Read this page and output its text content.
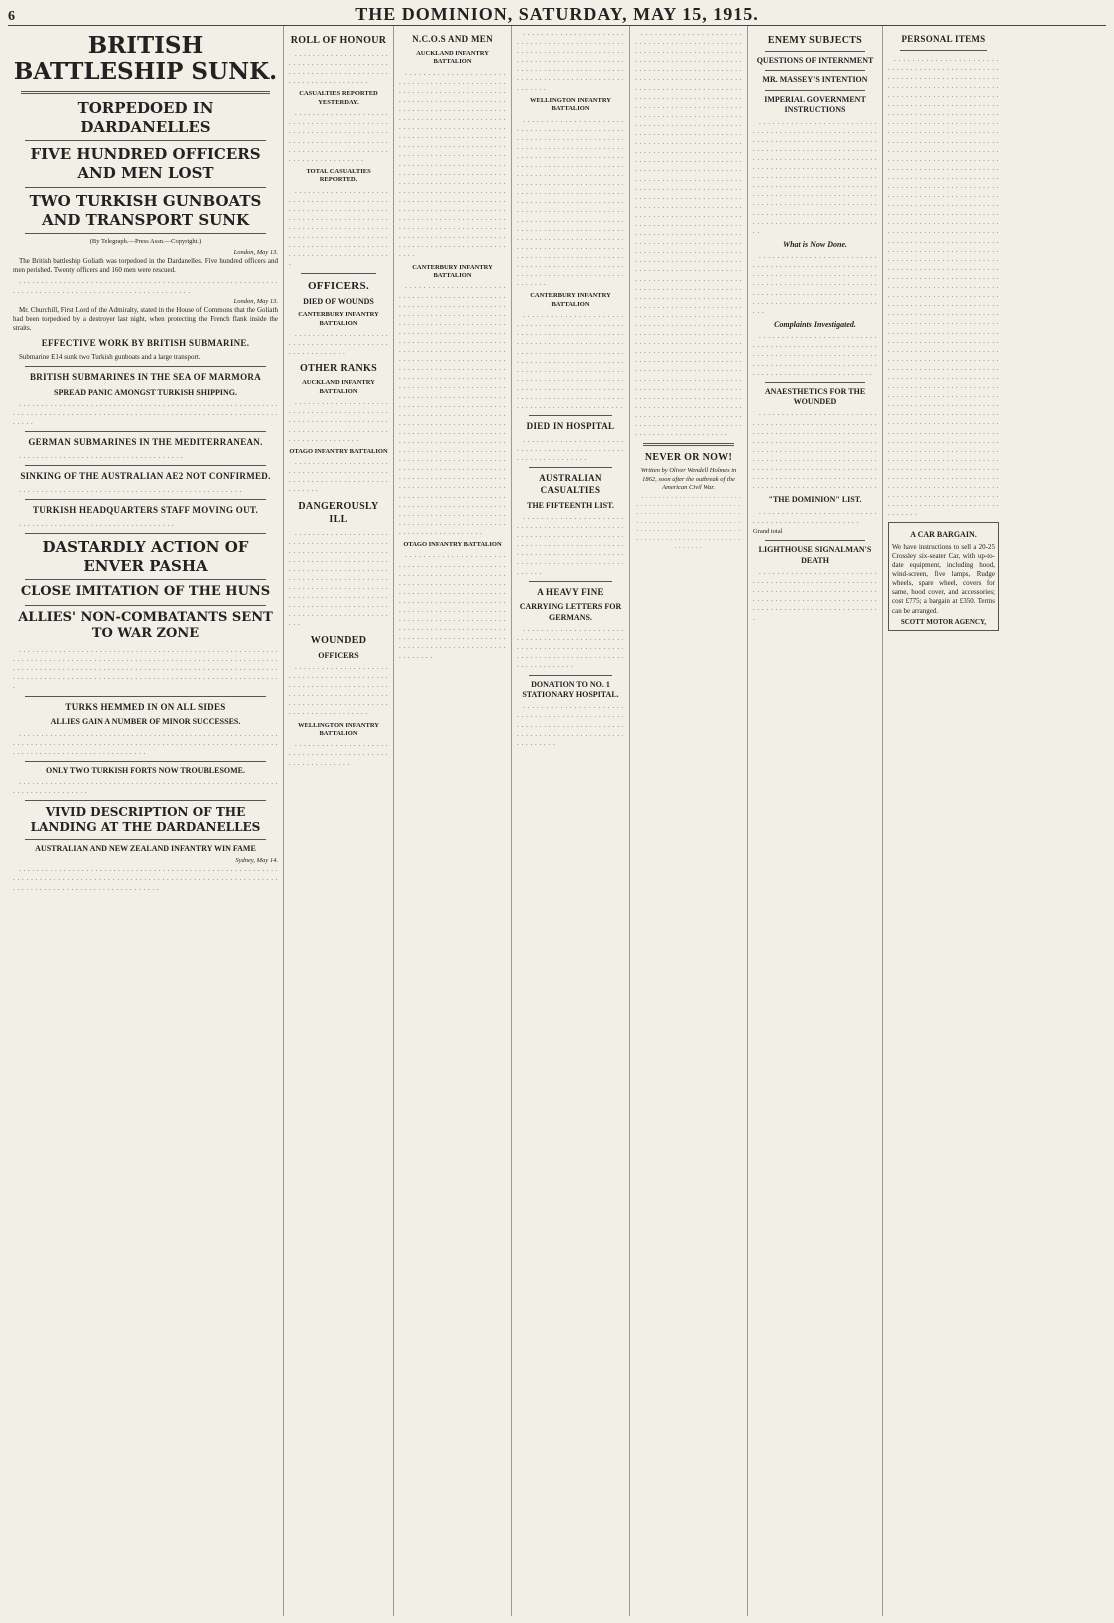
6	THE DOMINION, SATURDAY, MAY 15, 1915.
BRITISH BATTLESHIP SUNK.
TORPEDOED IN DARDANELLES
FIVE HUNDRED OFFICERS AND MEN LOST
TWO TURKISH GUNBOATS AND TRANSPORT SUNK
(By Telegraph.—Press Assn.—Copyright.)
London, May 13.

The British battleship Goliath was torpedoed in the Dardanelles. Five hundred officers and men perished. Twenty officers and 160 men were rescued.

. . . . . . . . . . . . . . . . . . . . . . . . . . . . . . . . . . . . . . . . . . . . . . . . . . . . . . . . . . . . . . . . . . . . . . . . . . . . . . . . . . . . . . . . . . . . . . . . . .

London, May 13.

Mr. Churchill, First Lord of the Admiralty, stated in the House of Commons that the Goliath had been torpedoed by a destroyer last night, when protecting the French flank inside the straits.

EFFECTIVE WORK BY BRITISH SUBMARINE.

Submarine E14 sunk two Turkish gunboats and a large transport.

BRITISH SUBMARINES IN THE SEA OF MARMORA
SPREAD PANIC AMONGST TURKISH SHIPPING.

. . . . . . . . . . . . . . . . . . . . . . . . . . . . . . . . . . . . . . . . . . . . . . . . . . . . . . . . . . . . . . . . . . . . . . . . . . . . . . . . . . . . . . . . . . . . . . . . . . . . . . . . . . . . . . . . . . . . . . . . . .

GERMAN SUBMARINES IN THE MEDITERRANEAN.

. . . . . . . . . . . . . . . . . . . . . . . . . . . . . . . . . . . . .

SINKING OF THE AUSTRALIAN AE2 NOT CONFIRMED.

. . . . . . . . . . . . . . . . . . . . . . . . . . . . . . . . . . . . . . . . . . . . . . . . . .

TURKISH HEADQUARTERS STAFF MOVING OUT.

. . . . . . . . . . . . . . . . . . . . . . . . . . . . . . . . . . .

DASTARDLY ACTION OF ENVER PASHA
CLOSE IMITATION OF THE HUNS
ALLIES' NON-COMBATANTS SENT TO WAR ZONE

. . . . . . . . . . . . . . . . . . . . . . . . . . . . . . . . . . . . . . . . . . . . . . . . . . . . . . . . . . . . . . . . . . . . . . . . . . . . . . . . . . . . . . . . . . . . . . . . . . . . . . . . . . . . . . . . . . . . . . . . . . . . . . . . . . . . . . . . . . . . . . . . . . . . . . . . . . . . . . . . . . . . . . . . . . . . . . . . . . . . . . . . . . . . . . . . . . . . . . . . . . . . . . . . . . . . . . . . . . . . . . . . . . . . . . . . . . . .

TURKS HEMMED IN ON ALL SIDES
ALLIES GAIN A NUMBER OF MINOR SUCCESSES.

. . . . . . . . . . . . . . . . . . . . . . . . . . . . . . . . . . . . . . . . . . . . . . . . . . . . . . . . . . . . . . . . . . . . . . . . . . . . . . . . . . . . . . . . . . . . . . . . . . . . . . . . . . . . . . . . . . . . . . . . . . . . . . . . . . . . . . . . . . . . . . . . . . .

ONLY TWO TURKISH FORTS NOW TROUBLESOME.

. . . . . . . . . . . . . . . . . . . . . . . . . . . . . . . . . . . . . . . . . . . . . . . . . . . . . . . . . . . . . . . . . . . . . . . . . . .

VIVID DESCRIPTION OF THE LANDING AT THE DARDANELLES
AUSTRALIAN AND NEW ZEALAND INFANTRY WIN FAME
Sydney, May 14.

. . . . . . . . . . . . . . . . . . . . . . . . . . . . . . . . . . . . . . . . . . . . . . . . . . . . . . . . . . . . . . . . . . . . . . . . . . . . . . . . . . . . . . . . . . . . . . . . . . . . . . . . . . . . . . . . . . . . . . . . . . . . . . . . . . . . . . . . . . . . . . . . . . . . . .

ROLL OF HONOUR

. . . . . . . . . . . . . . . . . . . . . . . . . . . . . . . . . . . . . . . . . . . . . . . . . . . . . . . . . . . . . . . . . . . . . . . . . . . . . . . . . . .

CASUALTIES REPORTED YESTERDAY.

. . . . . . . . . . . . . . . . . . . . . . . . . . . . . . . . . . . . . . . . . . . . . . . . . . . . . . . . . . . . . . . . . . . . . . . . . . . . . . . . . . . . . . . . . . . . . . . . . . . . . . . . . . . . . . . . . . . . . . . . . . . . . .

TOTAL CASUALTIES REPORTED.

. . . . . . . . . . . . . . . . . . . . . . . . . . . . . . . . . . . . . . . . . . . . . . . . . . . . . . . . . . . . . . . . . . . . . . . . . . . . . . . . . . . . . . . . . . . . . . . . . . . . . . . . . . . . . . . . . . . . . . . . . . . . . . . . . . . . . . . . . . . . . . . . . . . . . . . . . . . . . . . . . . . . . . . . . . . . . . . .

OFFICERS.
DIED OF WOUNDS
CANTERBURY INFANTRY BATTALION

. . . . . . . . . . . . . . . . . . . . . . . . . . . . . . . . . . . . . . . . . . . . . . . . . . . . . . . .

OTHER RANKS
AUCKLAND INFANTRY BATTALION

. . . . . . . . . . . . . . . . . . . . . . . . . . . . . . . . . . . . . . . . . . . . . . . . . . . . . . . . . . . . . . . . . . . . . . . . . . . . . . . . . . . . . . . . . . . . . . . . . . . . . . .

OTAGO INFANTRY BATTALION

. . . . . . . . . . . . . . . . . . . . . . . . . . . . . . . . . . . . . . . . . . . . . . . . . . . . . . . . . . . . . . . . . . . . . . . .

DANGEROUSLY ILL

. . . . . . . . . . . . . . . . . . . . . . . . . . . . . . . . . . . . . . . . . . . . . . . . . . . . . . . . . . . . . . . . . . . . . . . . . . . . . . . . . . . . . . . . . . . . . . . . . . . . . . . . . . . . . . . . . . . . . . . . . . . . . . . . . . . . . . . . . . . . . . . . . . . . . . . . . . . . . . . . . . . . . . . . . . . . . . . . . . . . . . . . . . . . . . . . . . . . . . . . . . . . . . . . . . . . . . . . . . . . . .

WOUNDED
OFFICERS

. . . . . . . . . . . . . . . . . . . . . . . . . . . . . . . . . . . . . . . . . . . . . . . . . . . . . . . . . . . . . . . . . . . . . . . . . . . . . . . . . . . . . . . . . . . . . . . . . . . . . . . . . . . . . . . . . . . . . . . . . . . . . . .

WELLINGTON INFANTRY BATTALION

. . . . . . . . . . . . . . . . . . . . . . . . . . . . . . . . . . . . . . . . . . . . . . . . . . . . . . . . .

N.C.O.S AND MEN
AUCKLAND INFANTRY BATTALION

. . . . . . . . . . . . . . . . . . . . . . . . . . . . . . . . . . . . . . . . . . . . . . . . . . . . . . . . . . . . . . . . . . . . . . . . . . . . . . . . . . . . . . . . . . . . . . . . . . . . . . . . . . . . . . . . . . . . . . . . . . . . . . . . . . . . . . . . . . . . . . . . . . . . . . . . . . . . . . . . . . . . . . . . . . . . . . . . . . . . . . . . . . . . . . . . . . . . . . . . . . . . . . . . . . . . . . . . . . . . . . . . . . . . . . . . . . . . . . . . . . . . . . . . . . . . . . . . . . . . . . . . . . . . . . . . . . . . . . . . . . . . . . . . . . . . . . . . . . . . . . . . . . . . . . . . . . . . . . . . . . . . . . . . . . . . . . . . . . . . . . . . . . . . . . . . . . . . . . . . . . . . . . . . . . . . . . . . . . . . . . . . . . . . . . . . . . . . . . . . . . . . . . . . . . . . . . . . . . . . . . . . . . . . . . . . . . . . . . . . . . . . . . . . . . . . . . . . . . . . . . . . . . . . . . . . . . . . . . . . . .

CANTERBURY INFANTRY BATTALION

. . . . . . . . . . . . . . . . . . . . . . . . . . . . . . . . . . . . . . . . . . . . . . . . . . . . . . . . . . . . . . . . . . . . . . . . . . . . . . . . . . . . . . . . . . . . . . . . . . . . . . . . . . . . . . . . . . . . . . . . . . . . . . . . . . . . . . . . . . . . . . . . . . . . . . . . . . . . . . . . . . . . . . . . . . . . . . . . . . . . . . . . . . . . . . . . . . . . . . . . . . . . . . . . . . . . . . . . . . . . . . . . . . . . . . . . . . . . . . . . . . . . . . . . . . . . . . . . . . . . . . . . . . . . . . . . . . . . . . . . . . . . . . . . . . . . . . . . . . . . . . . . . . . . . . . . . . . . . . . . . . . . . . . . . . . . . . . . . . . . . . . . . . . . . . . . . . . . . . . . . . . . . . . . . . . . . . . . . . . . . . . . . . . . . . . . . . . . . . . . . . . . . . . . . . . . . . . . . . . . . . . . . . . . . . . . . . . . . . . . . . . . . . . . . . . . . . . . . . . . . . . . . . . . . . . . . . . . . . . . . . . . . . . . . . . . . . . . . . . . . . . . . . . . . . . . . . . . . . . . . . . . . . . . . . . . . . . . . . . . . . . . . . . . . . . . . . . . . . . . . . . . . . . . . . . . . . . . . . . . . . . . . . . . . . . . . . . . . . . . . . . . . . . . . . . . . . . . . . . . . . . . . . . . . . . . . . . . . . . . . . . . . . . . . . . . . . . . . . . . . . . . .

OTAGO INFANTRY BATTALION

. . . . . . . . . . . . . . . . . . . . . . . . . . . . . . . . . . . . . . . . . . . . . . . . . . . . . . . . . . . . . . . . . . . . . . . . . . . . . . . . . . . . . . . . . . . . . . . . . . . . . . . . . . . . . . . . . . . . . . . . . . . . . . . . . . . . . . . . . . . . . . . . . . . . . . . . . . . . . . . . . . . . . . . . . . . . . . . . . . . . . . . . . . . . . . . . . . . . . . . . . . . . . . . . . . . . . . . . . . . . . . . . . . . . . . . . . . . . . . . . . . . . . . . . . . . . . . . . . . . . . . . . . . . . . .

. . . . . . . . . . . . . . . . . . . . . . . . . . . . . . . . . . . . . . . . . . . . . . . . . . . . . . . . . . . . . . . . . . . . . . . . . . . . . . . . . . . . . . . . . . . . . . . . . . . . . . . . . . . . . . . . . . . . . . . . . . . . . . . . . . . . . . . . . . . . . . . . . . . . .

WELLINGTON INFANTRY BATTALION

. . . . . . . . . . . . . . . . . . . . . . . . . . . . . . . . . . . . . . . . . . . . . . . . . . . . . . . . . . . . . . . . . . . . . . . . . . . . . . . . . . . . . . . . . . . . . . . . . . . . . . . . . . . . . . . . . . . . . . . . . . . . . . . . . . . . . . . . . . . . . . . . . . . . . . . . . . . . . . . . . . . . . . . . . . . . . . . . . . . . . . . . . . . . . . . . . . . . . . . . . . . . . . . . . . . . . . . . . . . . . . . . . . . . . . . . . . . . . . . . . . . . . . . . . . . . . . . . . . . . . . . . . . . . . . . . . . . . . . . . . . . . . . . . . . . . . . . . . . . . . . . . . . . . . . . . . . . . . . . . . . . . . . . . . . . . . . . . . . . . . . . . . . . . . . . . . . . . . . . . . . . . . . . . . . . . . . . . . . . . . . . . . . . . . . . . . . . . . . . . . . . . . . . . . . . . . . . . . . . . . . . . . . . . . . . . . . . . .

CANTERBURY INFANTRY BATTALION

. . . . . . . . . . . . . . . . . . . . . . . . . . . . . . . . . . . . . . . . . . . . . . . . . . . . . . . . . . . . . . . . . . . . . . . . . . . . . . . . . . . . . . . . . . . . . . . . . . . . . . . . . . . . . . . . . . . . . . . . . . . . . . . . . . . . . . . . . . . . . . . . . . . . . . . . . . . . . . . . . . . . . . . . . . . . . . . . . . . . . . . . . . . . . . . . . . . . . . . . . . . . . . . . . . . . . . . . . . . . . . . . . . . . . . . . . . . . . . . . . . . . . . . . . . . . . . . . . . . . . .

DIED IN HOSPITAL

. . . . . . . . . . . . . . . . . . . . . . . . . . . . . . . . . . . . . . . . . . . . . . . . . . . . . . . . . . . . . .

AUSTRALIAN CASUALTIES
THE FIFTEENTH LIST.

. . . . . . . . . . . . . . . . . . . . . . . . . . . . . . . . . . . . . . . . . . . . . . . . . . . . . . . . . . . . . . . . . . . . . . . . . . . . . . . . . . . . . . . . . . . . . . . . . . . . . . . . . . . . . . . . . . . . . . . . . . . . . . . . . . . . . . . . . . . . . . . . . . . .

A HEAVY FINE
CARRYING LETTERS FOR GERMANS.

. . . . . . . . . . . . . . . . . . . . . . . . . . . . . . . . . . . . . . . . . . . . . . . . . . . . . . . . . . . . . . . . . . . . . . . . . . . . . . . . . . . . . . . . . . . . . . . . . . . . . . . . . . .

DONATION TO NO. 1 STATIONARY HOSPITAL.

. . . . . . . . . . . . . . . . . . . . . . . . . . . . . . . . . . . . . . . . . . . . . . . . . . . . . . . . . . . . . . . . . . . . . . . . . . . . . . . . . . . . . . . . . . . . . . . . . . . . . . .

. . . . . . . . . . . . . . . . . . . . . . . . . . . . . . . . . . . . . . . . . . . . . . . . . . . . . . . . . . . . . . . . . . . . . . . . . . . . . . . . . . . . . . . . . . . . . . . . . . . . . . . . . . . . . . . . . . . . . . . . . . . . . . . . . . . . . . . . . . . . . . . . . . . . . . . . . . . . . . . . . . . . . . . . . . . . . . . . . . . . . . . . . . . . . . . . . . . . . . . . . . . . . . . . . . . . . . . . . . . . . . . . . . . . . . . . . . . . . . . . . . . . . . . . . . . . . . . . . . . . . . . . . . . . . . . . . . . . . . . . . . . . . . . . . . . . . . . . . . . . . . . . . . . . . . . . . . . . . . . . . . . . . . . . . . . . . . . . . . . . . . . . . . . . . . . . . . . . . . . . . . . . . . . . . . . . . . . . . . . . . . . . . . . . . . . . . . . . . . . . . . . . . . . . . . . . . . . . . . . . . . . . . . . . . . . . . . . . . . . . . . . . . . . . . . . . . . . . . . . . . . . . . . . . . . . . . . . . . . . . . . . . . . . . . . . . . . . . . . . . . . . . . . . . . . . . . . . . . . . . . . . . . . . . . . . . . . . . . . . . . . . . . . . . . . . . . . . . . . . . . . . . . . . . . . . . . . . . . . . . . . . . . . . . . . . . . . . . . . . . . . . . . . . . . . . . . . . . . . . . . . . . . . . . . . . . . . . . . . . . . . . . . . . . . . . . . . . . . . . . . . . . . . . . . . . . . . . . . . . . . . . . . . . . . . . . . . . . . . . . . . . . . . . . . . . . . . . . . . . . . . . . . . . . . . . . . . . . . . . . . . . . . . . . . . . . . . . . . . . . . . . . . . . . . . . . . . . . . . . . . . . . . . . . . . . . . . . . . . . . . . . . . . . . . . . . . . . . . . . . . . . . . . . . . . . . . . . . . . . . . . . . . . . . . . . . . . . . . . . . . . . . . . . . . . . . . . . . . . . . . . . . . . . . . . . . . . . . . . . . . . . . . . . . . . . . . . . . . . . . . . . . . . . . . . . . . . . . . . . . . . . . . . . . . . . . . . . . . . . . . . . . . . . . . . . . . . . . . . . . . . . . . . . . . . . . . . . . . . . . . . . . . . . . . . . . . . . . . . . . . . . . . . . . . . . . . . . . . . . . . . . . . . . . . . . . . . . . . . . . . . . . . . . . . . . . . . .

NEVER OR NOW!
Written by Oliver Wendell Holmes in 1862, soon after the outbreak of the American Civil War.

. . . . . . . . . . . . . . . . . . . . . . . . . . . . . . . . . . . . . . . . . . . . . . . . . . . . . . . . . . . . . . . . . . . . . . . . . . . . . . . . . . . . . . . . . . . . . . . . . . . . . . . . . . . . . . . . . . . . . . . . . . . . . . . . . . . . . . . . . . . . . . . . . . . . . . . . . . . .

ENEMY SUBJECTS
QUESTIONS OF INTERNMENT
MR. MASSEY'S INTENTION
IMPERIAL GOVERNMENT INSTRUCTIONS

. . . . . . . . . . . . . . . . . . . . . . . . . . . . . . . . . . . . . . . . . . . . . . . . . . . . . . . . . . . . . . . . . . . . . . . . . . . . . . . . . . . . . . . . . . . . . . . . . . . . . . . . . . . . . . . . . . . . . . . . . . . . . . . . . . . . . . . . . . . . . . . . . . . . . . . . . . . . . . . . . . . . . . . . . . . . . . . . . . . . . . . . . . . . . . . . . . . . . . . . . . . . . . . . . . . . . . . . . . . . . . . . . . . . . . . . . . . . . . . . . . . . . . . . . . . . . . . . . . . . . . . . . . . . . . . . . . . . . . . . . . . . . . . . . . . . . . . . . . . . . . . . . . . . . . . . . . . . . . . . . . . . . . . . . . . . . . . .

What is Now Done.

. . . . . . . . . . . . . . . . . . . . . . . . . . . . . . . . . . . . . . . . . . . . . . . . . . . . . . . . . . . . . . . . . . . . . . . . . . . . . . . . . . . . . . . . . . . . . . . . . . . . . . . . . . . . . . . . . . . . . . . . . . . . . . . . . . . . . . . . . . . . . . . . . . . . . . . . . . . . . . . . . . . . . . . . .

Complaints Investigated.

. . . . . . . . . . . . . . . . . . . . . . . . . . . . . . . . . . . . . . . . . . . . . . . . . . . . . . . . . . . . . . . . . . . . . . . . . . . . . . . . . . . . . . . . . . . . . . . . . . . . . . . . . . . . . . . . . . . . . . . . . . . . . . . . . . . . . . . . .

ANAESTHETICS FOR THE WOUNDED

. . . . . . . . . . . . . . . . . . . . . . . . . . . . . . . . . . . . . . . . . . . . . . . . . . . . . . . . . . . . . . . . . . . . . . . . . . . . . . . . . . . . . . . . . . . . . . . . . . . . . . . . . . . . . . . . . . . . . . . . . . . . . . . . . . . . . . . . . . . . . . . . . . . . . . . . . . . . . . . . . . . . . . . . . . . . . . . . . . . . . . . . . . . . . . . . . . . . . . . . . . . . . . . . . . . . . . . . . . . . . . . . . . . . . . . . . . . . . . . . . . . . . . . . . .

"THE DOMINION" LIST.

. . . . . . . . . . . . . . . . . . . . . . . . . . . . . . . . . . . . . . . . . . . . . . . . . .

Grand total
LIGHTHOUSE SIGNALMAN'S DEATH

. . . . . . . . . . . . . . . . . . . . . . . . . . . . . . . . . . . . . . . . . . . . . . . . . . . . . . . . . . . . . . . . . . . . . . . . . . . . . . . . . . . . . . . . . . . . . . . . . . . . . . . . . . . . . . . . . . . . . . . . . . . . . . . . . . . . . . . . . . .

PERSONAL ITEMS

. . . . . . . . . . . . . . . . . . . . . . . . . . . . . . . . . . . . . . . . . . . . . . . . . . . . . . . . . . . . . . . . . . . . . . . . . . . . . . . . . . . . . . . . . . . . . . . . . . . . . . . . . . . . . . . . . . . . . . . . . . . . . . . . . . . . . . . . . . . . . . . . . . . . . . . . . . . . . . . . . . . . . . . . . . . . . . . . . . . . . . . . . . . . . . . . . . . . . . . . . . . . . . . . . . . . . . . . . . . . . . . . . . . . . . . . . . . . . . . . . . . . . . . . . . . . . . . . . . . . . . . . . . . . . . . . . . . . . . . . . . . . . . . . . . . . . . . . . . . . . . . . . . . . . . . . . . . . . . . . . . . . . . . . . . . . . . . . . . . . . . . . . . . . . . . . . . . . . . . . . . . . . . . . . . . . . . . . . . . . . . . . . . . . . . . . . . . . . . . . . . . . . . . . . . . . . . . . . . . . . . . . . . . . . . . . . . . . . . . . . . . . . . . . . . . . . . . . . . . . . . . . . . . . . . . . . . . . . . . . . . . . . . . . . . . . . . . . . . . . . . . . . . . . . . . . . . . . . . . . . . . . . . . . . . . . . . . . . . . . . . . . . . . . . . . . . . . . . . . . . . . . . . . . . . . . . . . . . . . . . . . . . . . . . . . . . . . . . . . . . . . . . . . . . . . . . . . . . . . . . . . . . . . . . . . . . . . . . . . . . . . . . . . . . . . . . . . . . . . . . . . . . . . . . . . . . . . . . . . . . . . . . . . . . . . . . . . . . . . . . . . . . . . . . . . . . . . . . . . . . . . . . . . . . . . . . . . . . . . . . . . . . . . . . . . . . . . . . . . . . . . . . . . . . . . . . . . . . . . . . . . . . . . . . . . . . . . . . . . . . . . . . . . . . . . . . . . . . . . . . . . . . . . . . . . . . . . . . . . . . . . . . . . . . . . . . . . . . . . . . . . . . . . . . . . . . . . . . . . . . . . . . . . . . . . . . . . . . . . . . . . . . . . . . . . . . . . . . . . . . . . . . . . . . . . . . . . . . . . . . . . . . . . . . . . . . . . . . . . . . . . . . . . . . . . . . . . . . . . . . . . . . . . . . . . . . . . . . . . . . . . . . . . . . . . . . . . . . . . . . . . . . . . . . . . . . . . . . . . . . . . . . . . . . . . . . . . . . . . . . . . . . . . . . . . . . . . . . . . . . . . . . . . . . . . . . . . . . . . . . . . . . . . . . . . . . . . . . . . . . . . . . . . . . . . . . . . . . . . . . . . . . . . . . . . . . . . . . . . . . . . . . . . . . . . . . . . . . . . . . . . . . . . . . . . . . . . . . . . . . . . . . . . . . . . . . . . . . . . . . . . . . . . . . . . . . . . . . . . . . . . . . . . . . . . . . . .

A CAR BARGAIN.

We have instructions to sell a 20-25 Crossley six-seater Car, with up-to-date equipment, including hood, wind-screen, five lamps, Rudge wheels, spare wheel, covers for same, hood cover, and accessories; cost £775; a bargain at £350. Terms can be arranged.

SCOTT MOTOR AGENCY,
